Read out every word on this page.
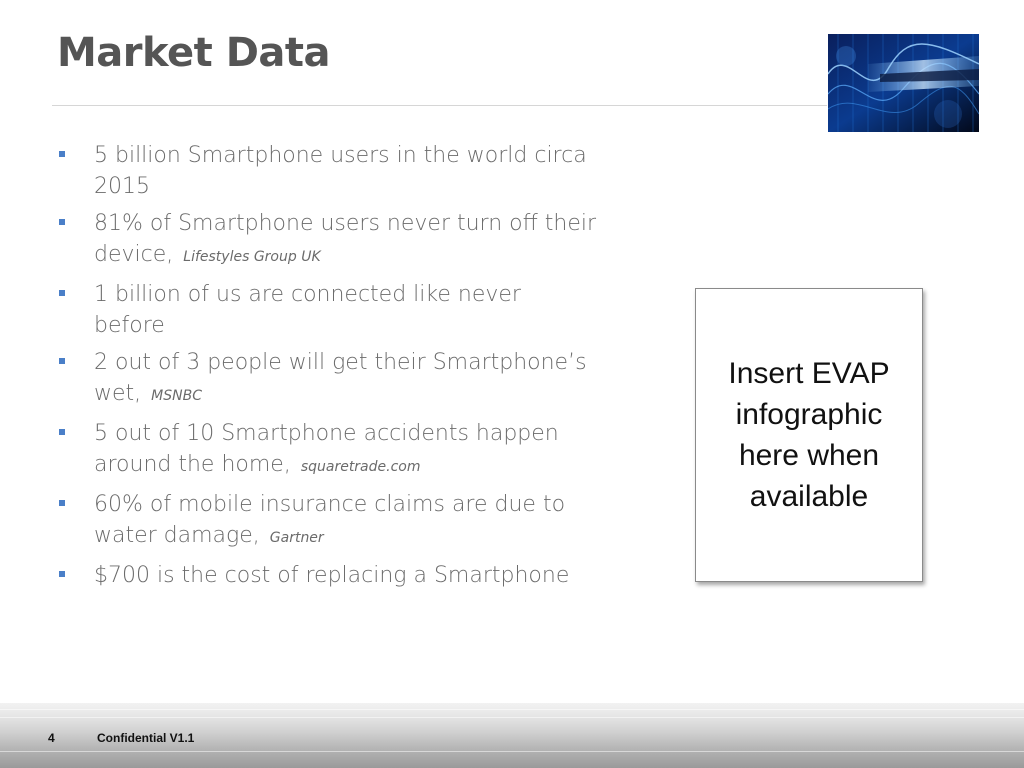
Market Data
5 billion Smartphone users in the world circa 2015
81% of Smartphone users never turn off their device, Lifestyles Group UK
1 billion of us are connected like never before
2 out of 3 people will get their Smartphone’s wet, MSNBC
5 out of 10 Smartphone accidents happen around the home, squaretrade.com
60% of mobile insurance claims are due to water damage, Gartner
$700 is the cost of replacing a Smartphone
Insert EVAP infographic here when available
4	Confidential V1.1
